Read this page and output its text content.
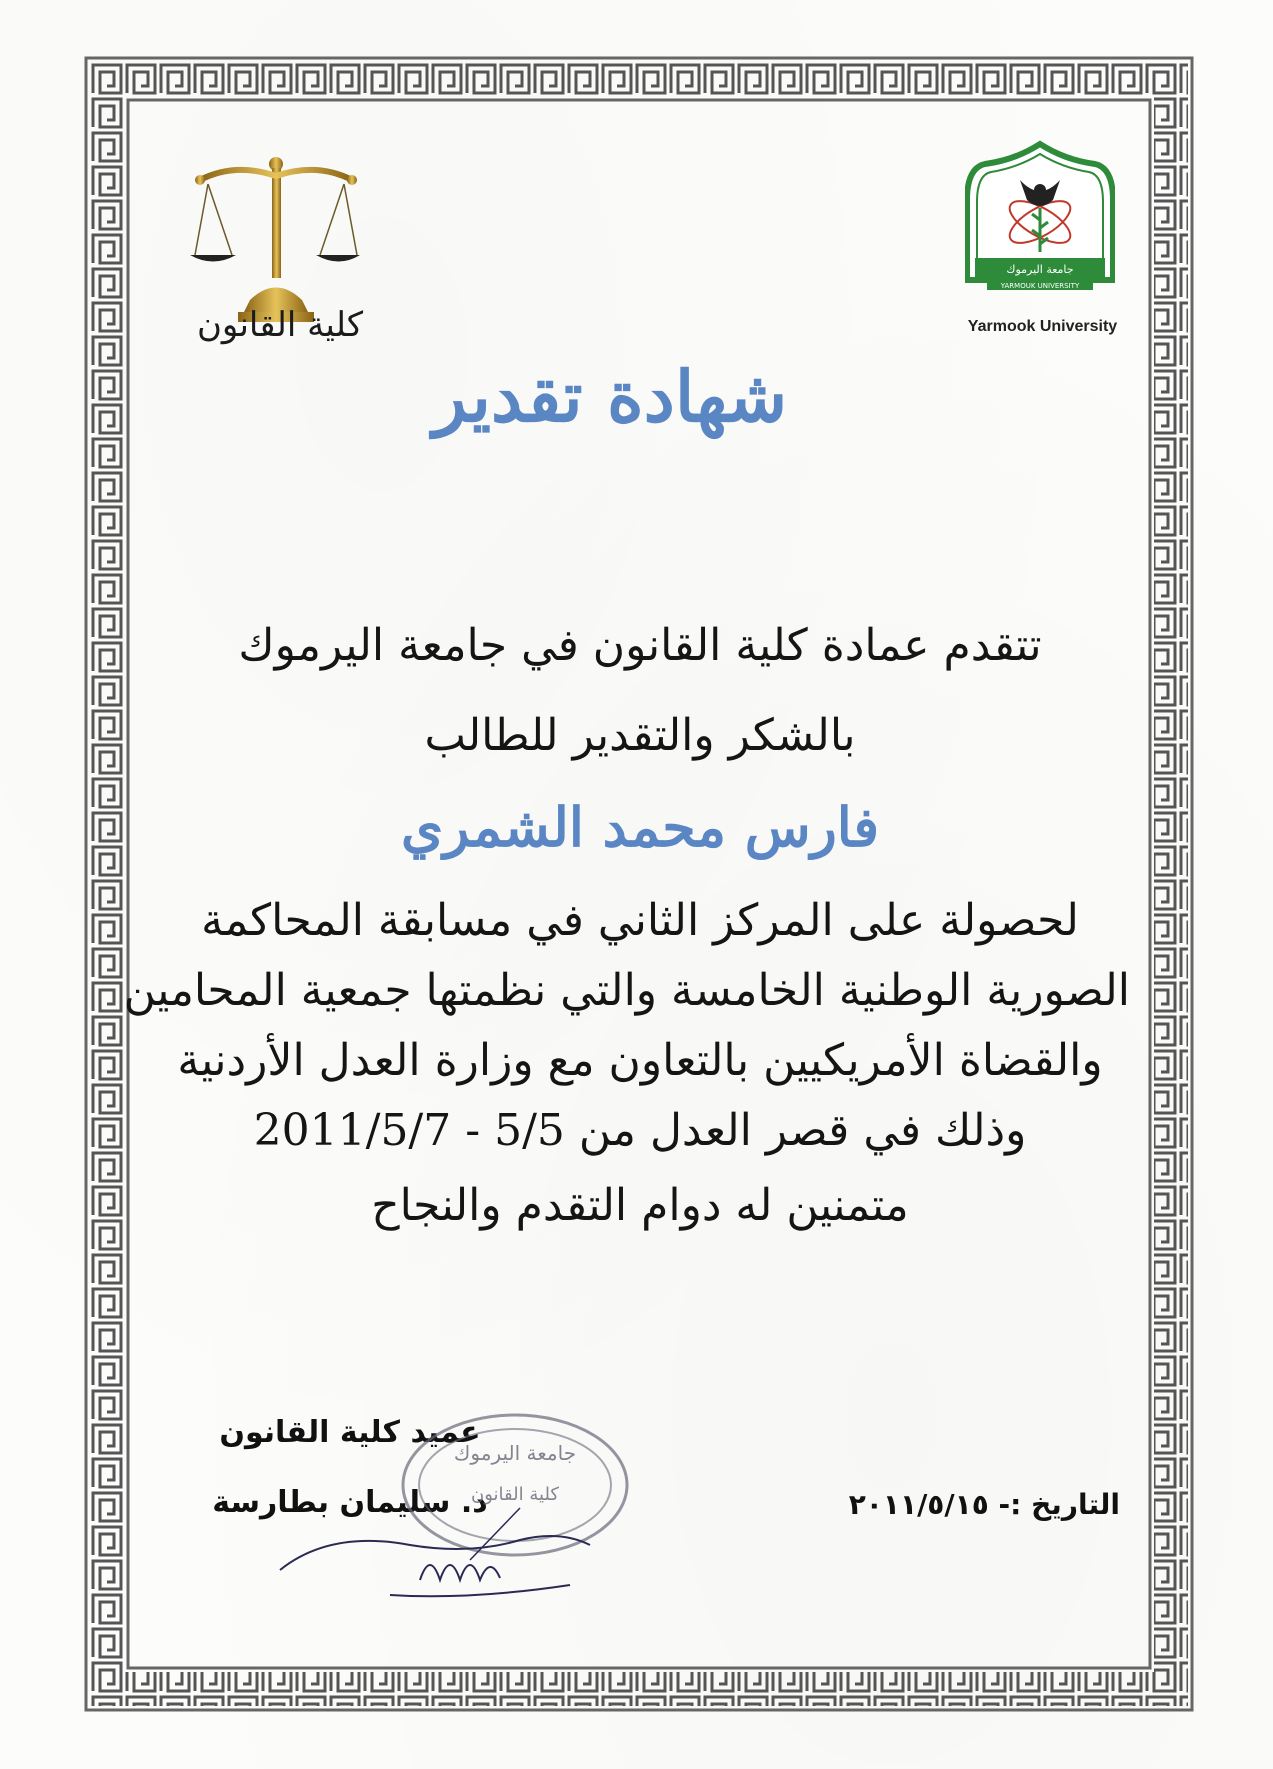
كلية القانون
جامعة اليرموك
YARMOUK UNIVERSITY
Yarmook University
شهادة تقدير
تتقدم عمادة كلية القانون في جامعة اليرموك
بالشكر والتقدير للطالب
فارس محمد الشمري
لحصولة على المركز الثاني في مسابقة المحاكمة
الصورية الوطنية الخامسة والتي نظمتها جمعية المحامين
والقضاة الأمريكيين بالتعاون مع وزارة العدل الأردنية
وذلك في قصر العدل من 5/5 - 2011/5/7
متمنين له دوام التقدم والنجاح
عميد كلية القانون
د. سليمان بطارسة
جامعة اليرموك
كلية القانون	التاريخ :- ٢٠١١/٥/١٥
